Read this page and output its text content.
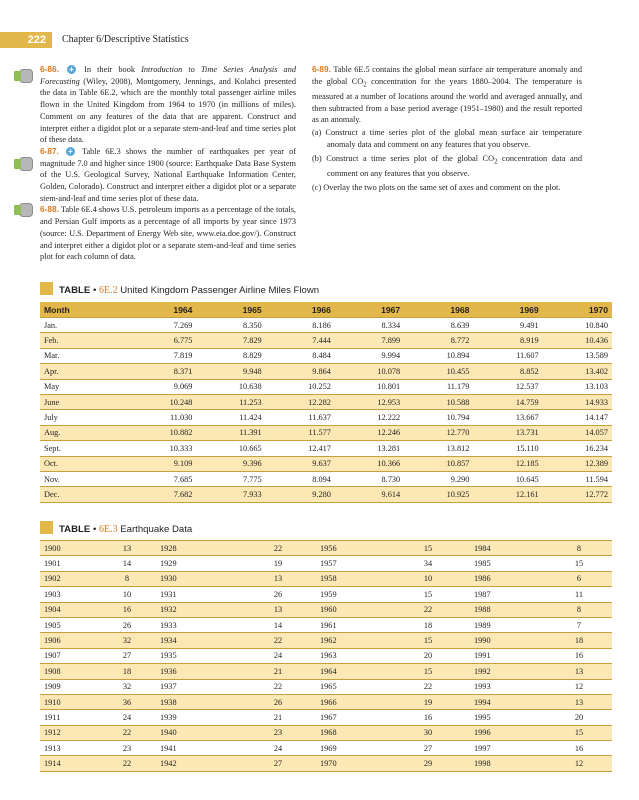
222	Chapter 6/Descriptive Statistics

6-86. + In their book Introduction to Time Series Analysis and Forecasting (Wiley, 2008), Montgomery, Jennings, and Kolahci presented the data in Table 6E.2, which are the monthly total passenger airline miles flown in the United Kingdom from 1964 to 1970 (in millions of miles). Comment on any features of the data that are apparent. Construct and interpret either a digidot plot or a separate stem-and-leaf and time series plot of these data.

6-87. + Table 6E.3 shows the number of earthquakes per year of magnitude 7.0 and higher since 1900 (source: Earthquake Data Base System of the U.S. Geological Survey, National Earthquake Information Center, Golden, Colorado). Construct and interpret either a digidot plot or a separate stem-and-leaf and time series plot of these data.

6-88. Table 6E.4 shows U.S. petroleum imports as a percentage of the totals, and Persian Gulf imports as a percentage of all imports by year since 1973 (source: U.S. Department of Energy Web site, www.eia.doe.gov/). Construct and interpret either a digidot plot or a separate stem-and-leaf and time series plot for each column of data.

6-89. Table 6E.5 contains the global mean surface air temperature anomaly and the global $CO_2$ concentration for the years 1880–2004. The temperature is measured at a number of locations around the world and averaged annually, and then subtracted from a base period average (1951–1980) and the result reported as an anomaly.

(a) Construct a time series plot of the global mean surface air temperature anomaly data and comment on any features that you observe.
(b) Construct a time series plot of the global $CO_2$ concentration data and comment on any features that you observe.
(c) Overlay the two plots on the same set of axes and comment on the plot.
TABLE • 6E.2 United Kingdom Passenger Airline Miles Flown
Month	1964	1965	1966	1967	1968	1969	1970
Jan.	7.269	8.350	8.186	8.334	8.639	9.491	10.840
Feb.	6.775	7.829	7.444	7.899	8.772	8.919	10.436
Mar.	7.819	8.829	8.484	9.994	10.894	11.607	13.589
Apr.	8.371	9.948	9.864	10.078	10.455	8.852	13.402
May	9.069	10.638	10.252	10.801	11.179	12.537	13.103
June	10.248	11.253	12.282	12.953	10.588	14.759	14.933
July	11.030	11.424	11.637	12.222	10.794	13.667	14.147
Aug.	10.882	11.391	11.577	12.246	12.770	13.731	14.057
Sept.	10.333	10.665	12.417	13.281	13.812	15.110	16.234
Oct.	9.109	9.396	9.637	10.366	10.857	12.185	12.389
Nov.	7.685	7.775	8.094	8.730	9.290	10.645	11.594
Dec.	7.682	7.933	9.280	9.614	10.925	12.161	12.772
TABLE • 6E.3 Earthquake Data
1900	13	1928	22	1956	15	1984	8
1901	14	1929	19	1957	34	1985	15
1902	8	1930	13	1958	10	1986	6
1903	10	1931	26	1959	15	1987	11
1904	16	1932	13	1960	22	1988	8
1905	26	1933	14	1961	18	1989	7
1906	32	1934	22	1962	15	1990	18
1907	27	1935	24	1963	20	1991	16
1908	18	1936	21	1964	15	1992	13
1909	32	1937	22	1965	22	1993	12
1910	36	1938	26	1966	19	1994	13
1911	24	1939	21	1967	16	1995	20
1912	22	1940	23	1968	30	1996	15
1913	23	1941	24	1969	27	1997	16
1914	22	1942	27	1970	29	1998	12
